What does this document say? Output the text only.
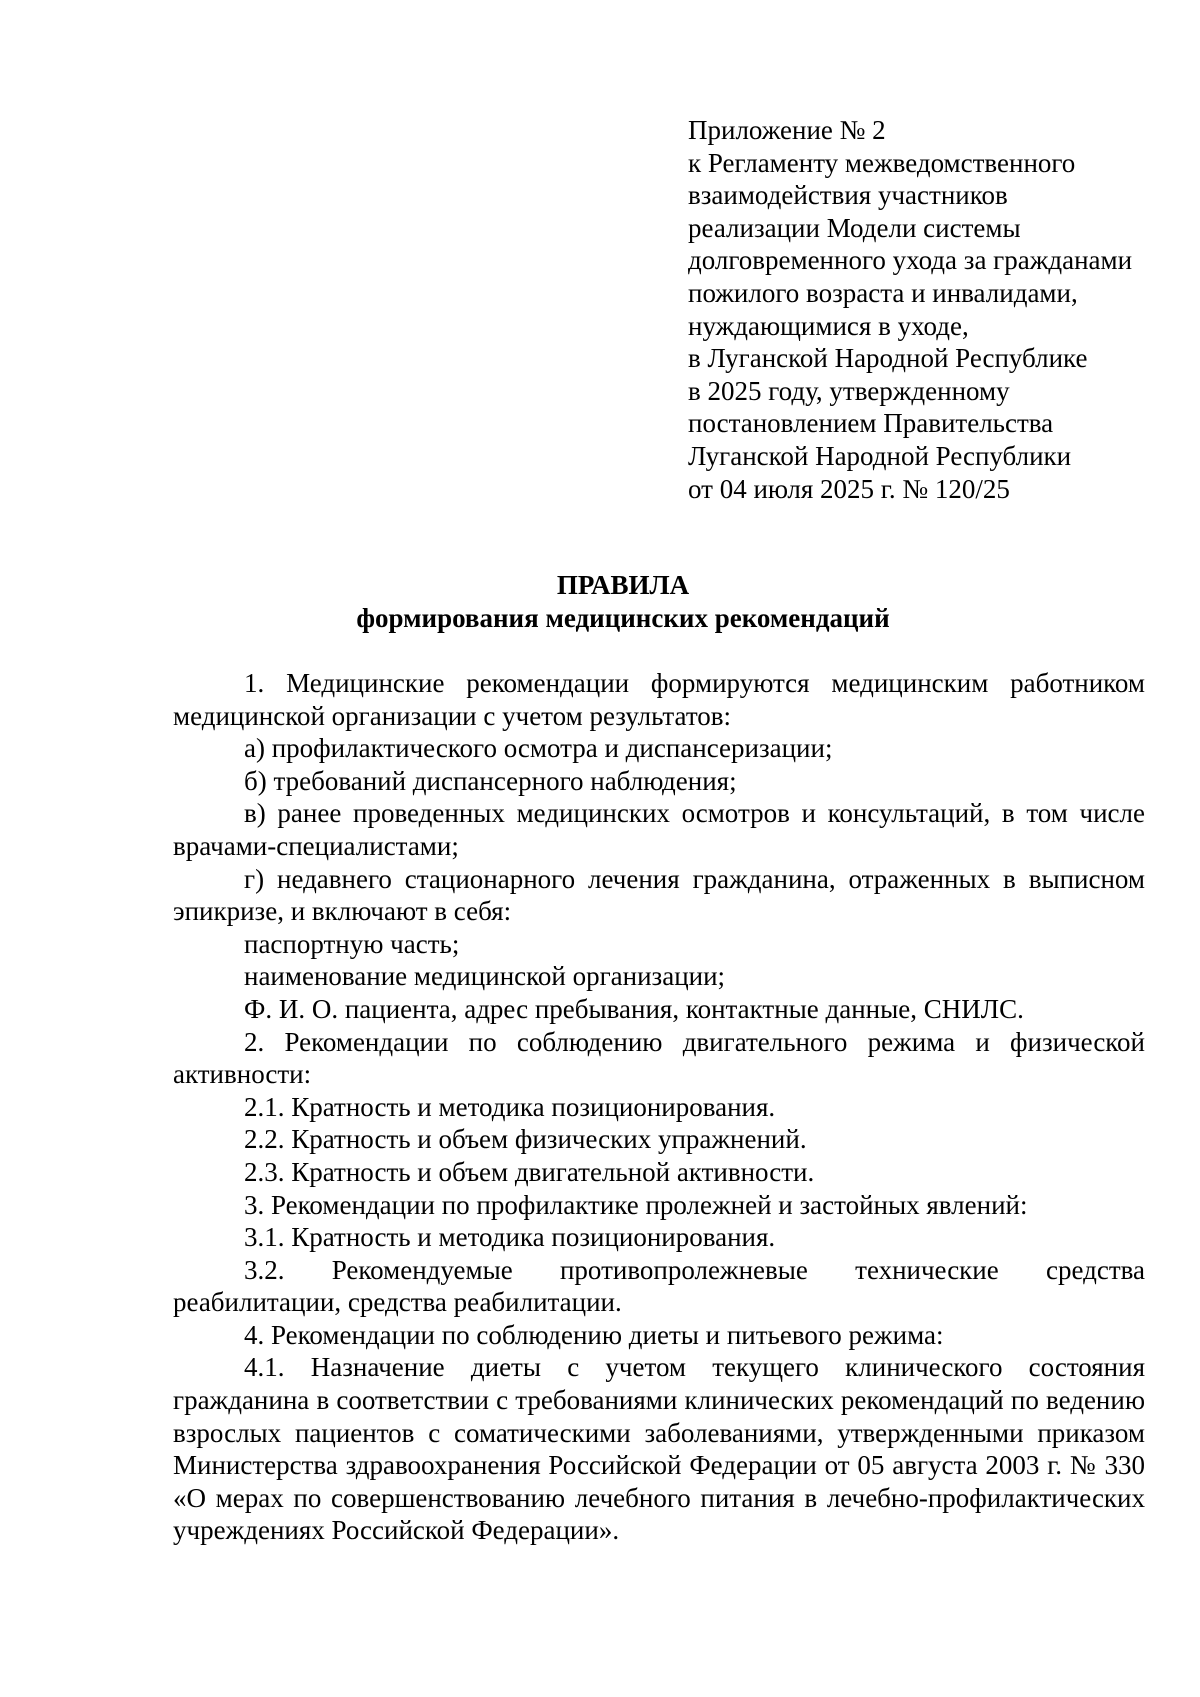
Приложение № 2
к Регламенту межведомственного
взаимодействия участников
реализации Модели системы
долговременного ухода за гражданами
пожилого возраста и инвалидами,
нуждающимися в уходе,
в Луганской Народной Республике
в 2025 году, утвержденному
постановлением Правительства
Луганской Народной Республики
от 04 июля 2025 г. № 120/25
ПРАВИЛА
формирования медицинских рекомендаций

1. Медицинские рекомендации формируются медицинским работником медицинской организации с учетом результатов:

а) профилактического осмотра и диспансеризации;

б) требований диспансерного наблюдения;

в) ранее проведенных медицинских осмотров и консультаций, в том числе врачами-специалистами;

г) недавнего стационарного лечения гражданина, отраженных в выписном эпикризе, и включают в себя:

паспортную часть;

наименование медицинской организации;

Ф. И. О. пациента, адрес пребывания, контактные данные, СНИЛС.

2. Рекомендации по соблюдению двигательного режима и физической активности:

2.1. Кратность и методика позиционирования.

2.2. Кратность и объем физических упражнений.

2.3. Кратность и объем двигательной активности.

3. Рекомендации по профилактике пролежней и застойных явлений:

3.1. Кратность и методика позиционирования.

3.2. Рекомендуемые противопролежневые технические средства реабилитации, средства реабилитации.

4. Рекомендации по соблюдению диеты и питьевого режима:

4.1. Назначение диеты с учетом текущего клинического состояния гражданина в соответствии с требованиями клинических рекомендаций по ведению взрослых пациентов с соматическими заболеваниями, утвержденными приказом Министерства здравоохранения Российской Федерации от 05 августа 2003 г. № 330 «О мерах по совершенствованию лечебного питания в лечебно-профилактических учреждениях Российской Федерации».
